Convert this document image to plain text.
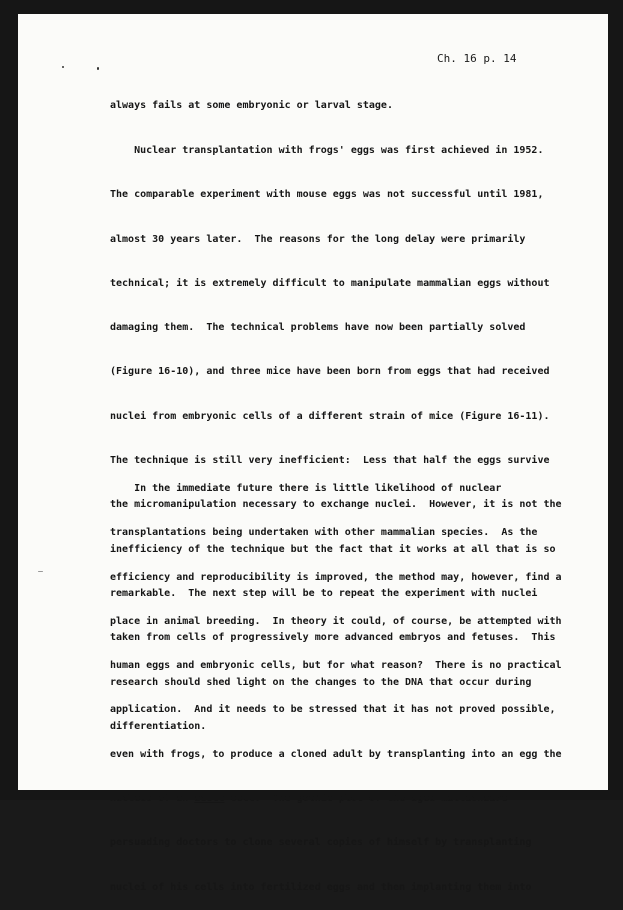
Ch. 16 p. 14

always fails at some embryonic or larval stage.

Nuclear transplantation with frogs' eggs was first achieved in 1952.

The comparable experiment with mouse eggs was not successful until 1981,

almost 30 years later.  The reasons for the long delay were primarily

technical; it is extremely difficult to manipulate mammalian eggs without

damaging them.  The technical problems have now been partially solved

(Figure 16-10), and three mice have been born from eggs that had received

nuclei from embryonic cells of a different strain of mice (Figure 16-11).

The technique is still very inefficient:  Less that half the eggs survive

the micromanipulation necessary to exchange nuclei.  However, it is not the

inefficiency of the technique but the fact that it works at all that is so

remarkable.  The next step will be to repeat the experiment with nuclei

taken from cells of progressively more advanced embryos and fetuses.  This

research should shed light on the changes to the DNA that occur during

differentiation.

In the immediate future there is little likelihood of nuclear

transplantations being undertaken with other mammalian species.  As the

efficiency and reproducibility is improved, the method may, however, find a

place in animal breeding.  In theory it could, of course, be attempted with

human eggs and embryonic cells, but for what reason?  There is no practical

application.  And it needs to be stressed that it has not proved possible,

even with frogs, to produce a cloned adult by transplanting into an egg the

nucleus of an adult cell.  The gothic plot of the aged millionaire

persuading doctors to clone several copies of himself by transplanting

nuclei of his cells into fertilized eggs and then implanting them into
